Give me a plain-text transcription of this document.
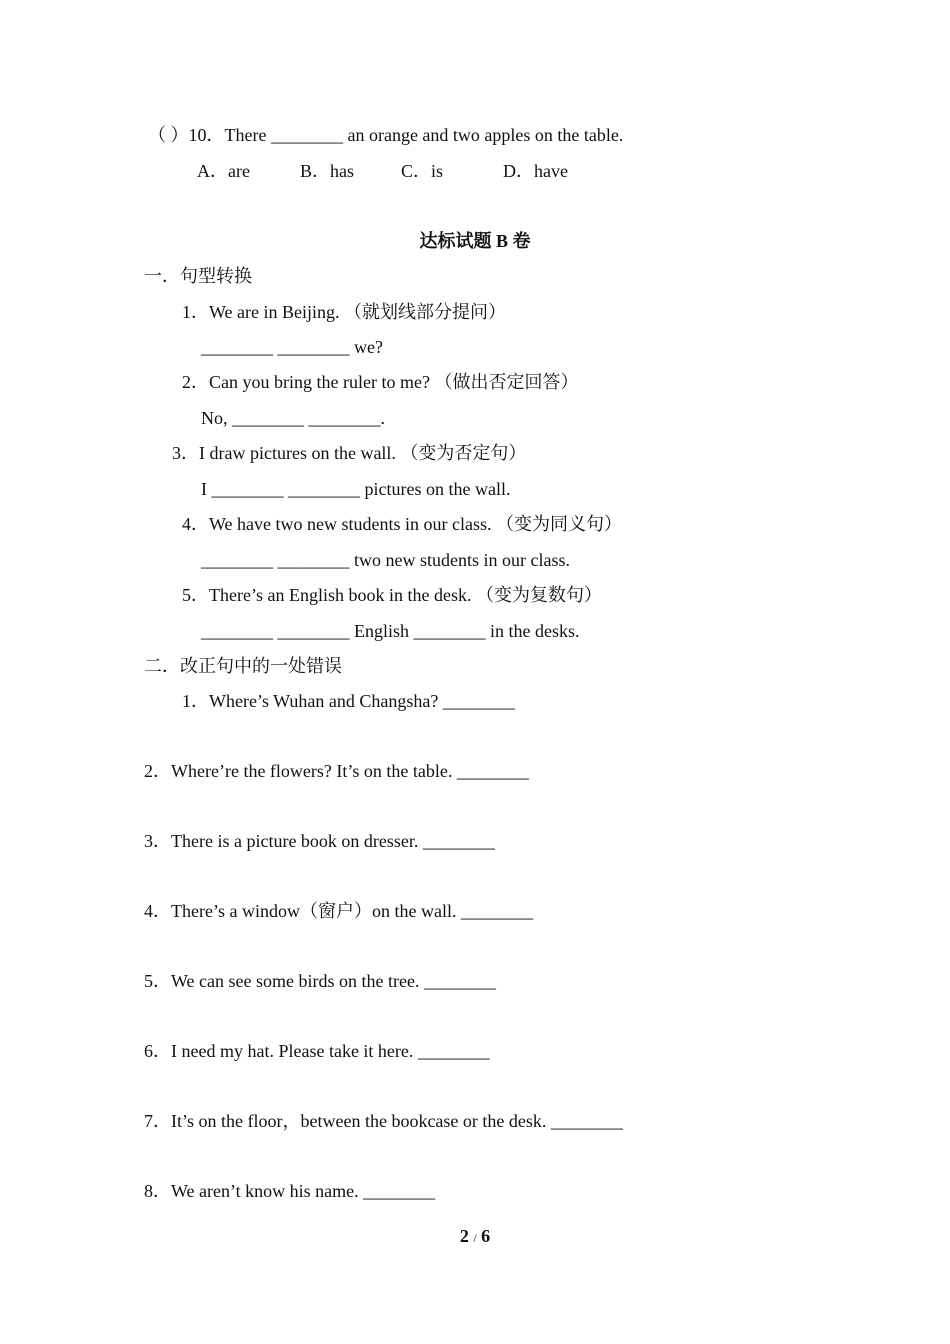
（ ）10．There ________ an orange and two apples on the table.
A．are	B．has	C．is	D．have
达标试题 B 卷
一．句型转换
1．We are in Beijing. （就划线部分提问）
________ ________ we?
2．Can you bring the ruler to me? （做出否定回答）
No, ________ ________.
3．I draw pictures on the wall. （变为否定句）
I ________ ________ pictures on the wall.
4．We have two new students in our class. （变为同义句）
________ ________ two new students in our class.
5．There’s an English book in the desk. （变为复数句）
________ ________ English ________ in the desks.
二．改正句中的一处错误
1．Where’s Wuhan and Changsha? ________
2．Where’re the flowers? It’s on the table. ________
3．There is a picture book on dresser. ________
4．There’s a window（窗户）on the wall. ________
5．We can see some birds on the tree. ________
6．I need my hat. Please take it here. ________
7．It’s on the floor，between the bookcase or the desk. ________
8．We aren’t know his name. ________
2 / 6
